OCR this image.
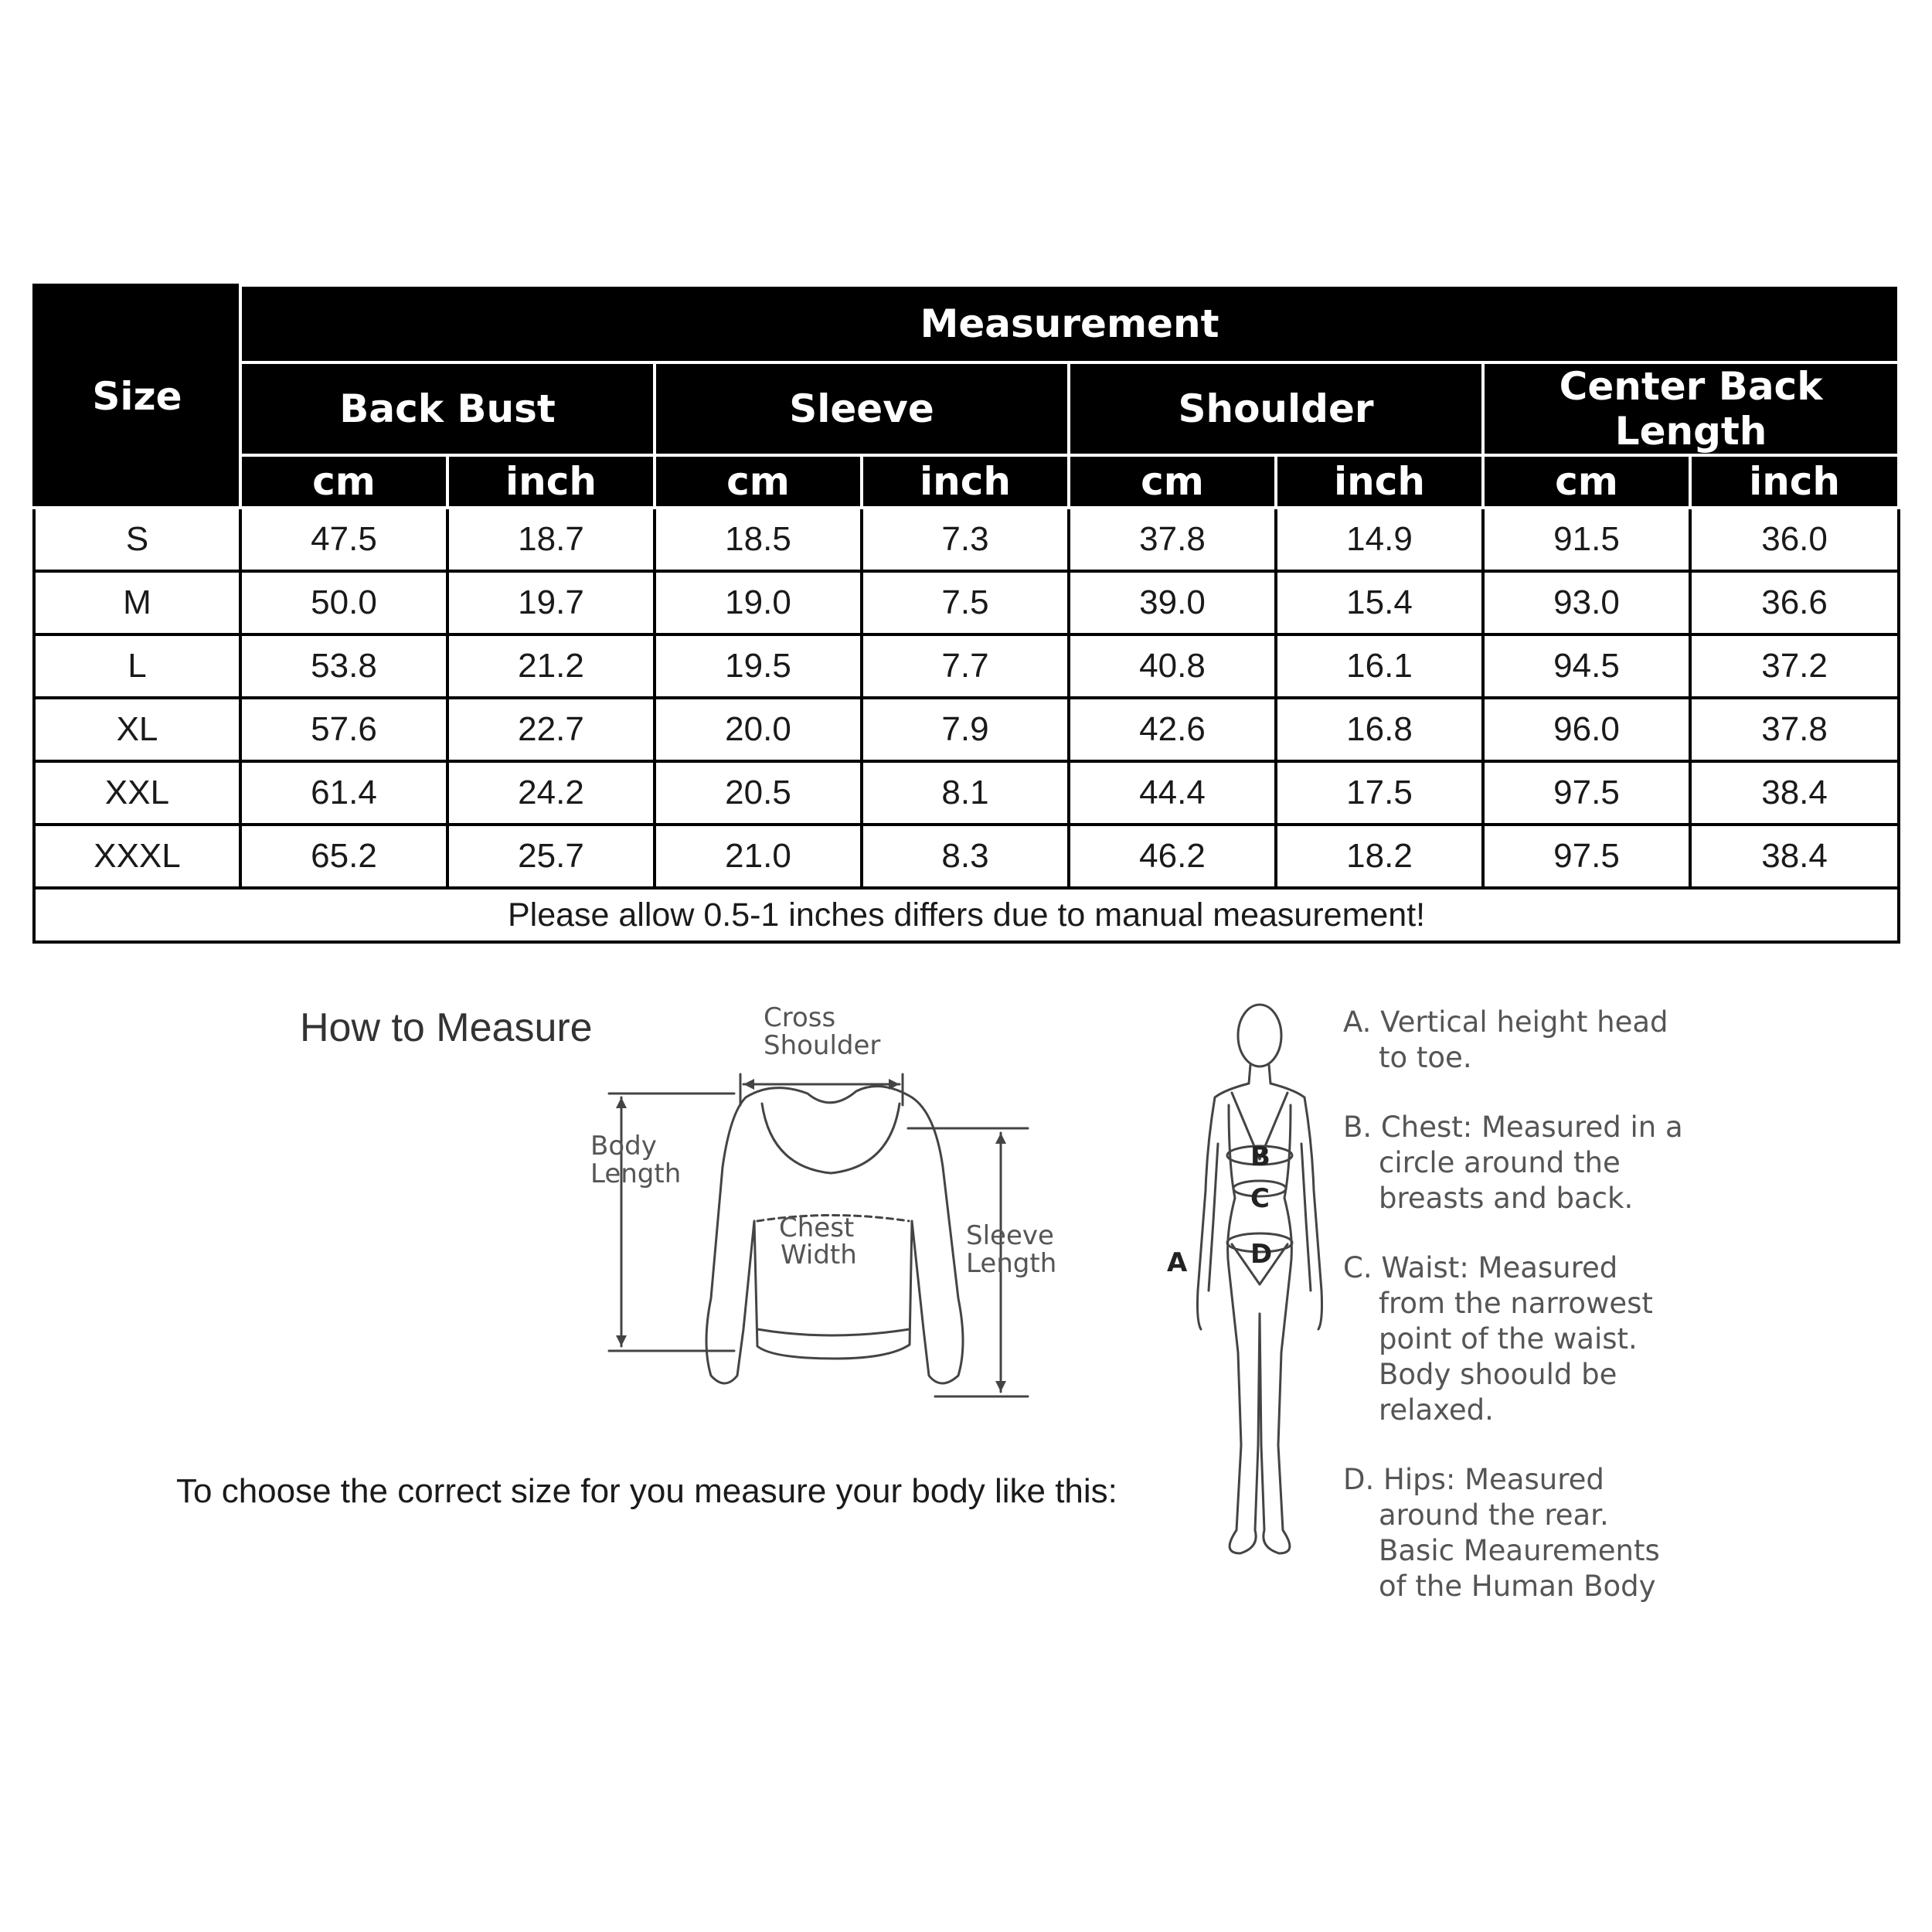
Size	Measurement							
	Back Bust		Sleeve		Shoulder		Center Back Length	
	cm	inch	cm	inch	cm	inch	cm	inch
S	47.5	18.7	18.5	7.3	37.8	14.9	91.5	36.0
M	50.0	19.7	19.0	7.5	39.0	15.4	93.0	36.6
L	53.8	21.2	19.5	7.7	40.8	16.1	94.5	37.2
XL	57.6	22.7	20.0	7.9	42.6	16.8	96.0	37.8
XXL	61.4	24.2	20.5	8.1	44.4	17.5	97.5	38.4
XXXL	65.2	25.7	21.0	8.3	46.2	18.2	97.5	38.4
Please allow 0.5-1 inches differs due to manual measurement!								
How to Measure	Cross
Shoulder
Body
Length
Chest
Width
Sleeve
Length
To choose the correct size for you measure your body like this:
A
B
C
D
A. Vertical height head
to toe.
B. Chest: Measured in a
circle around the
breasts and back.
C. Waist: Measured
from the narrowest
point of the waist.
Body shoould be
relaxed.
D. Hips: Measured
around the rear.
Basic Meaurements
of the Human Body
